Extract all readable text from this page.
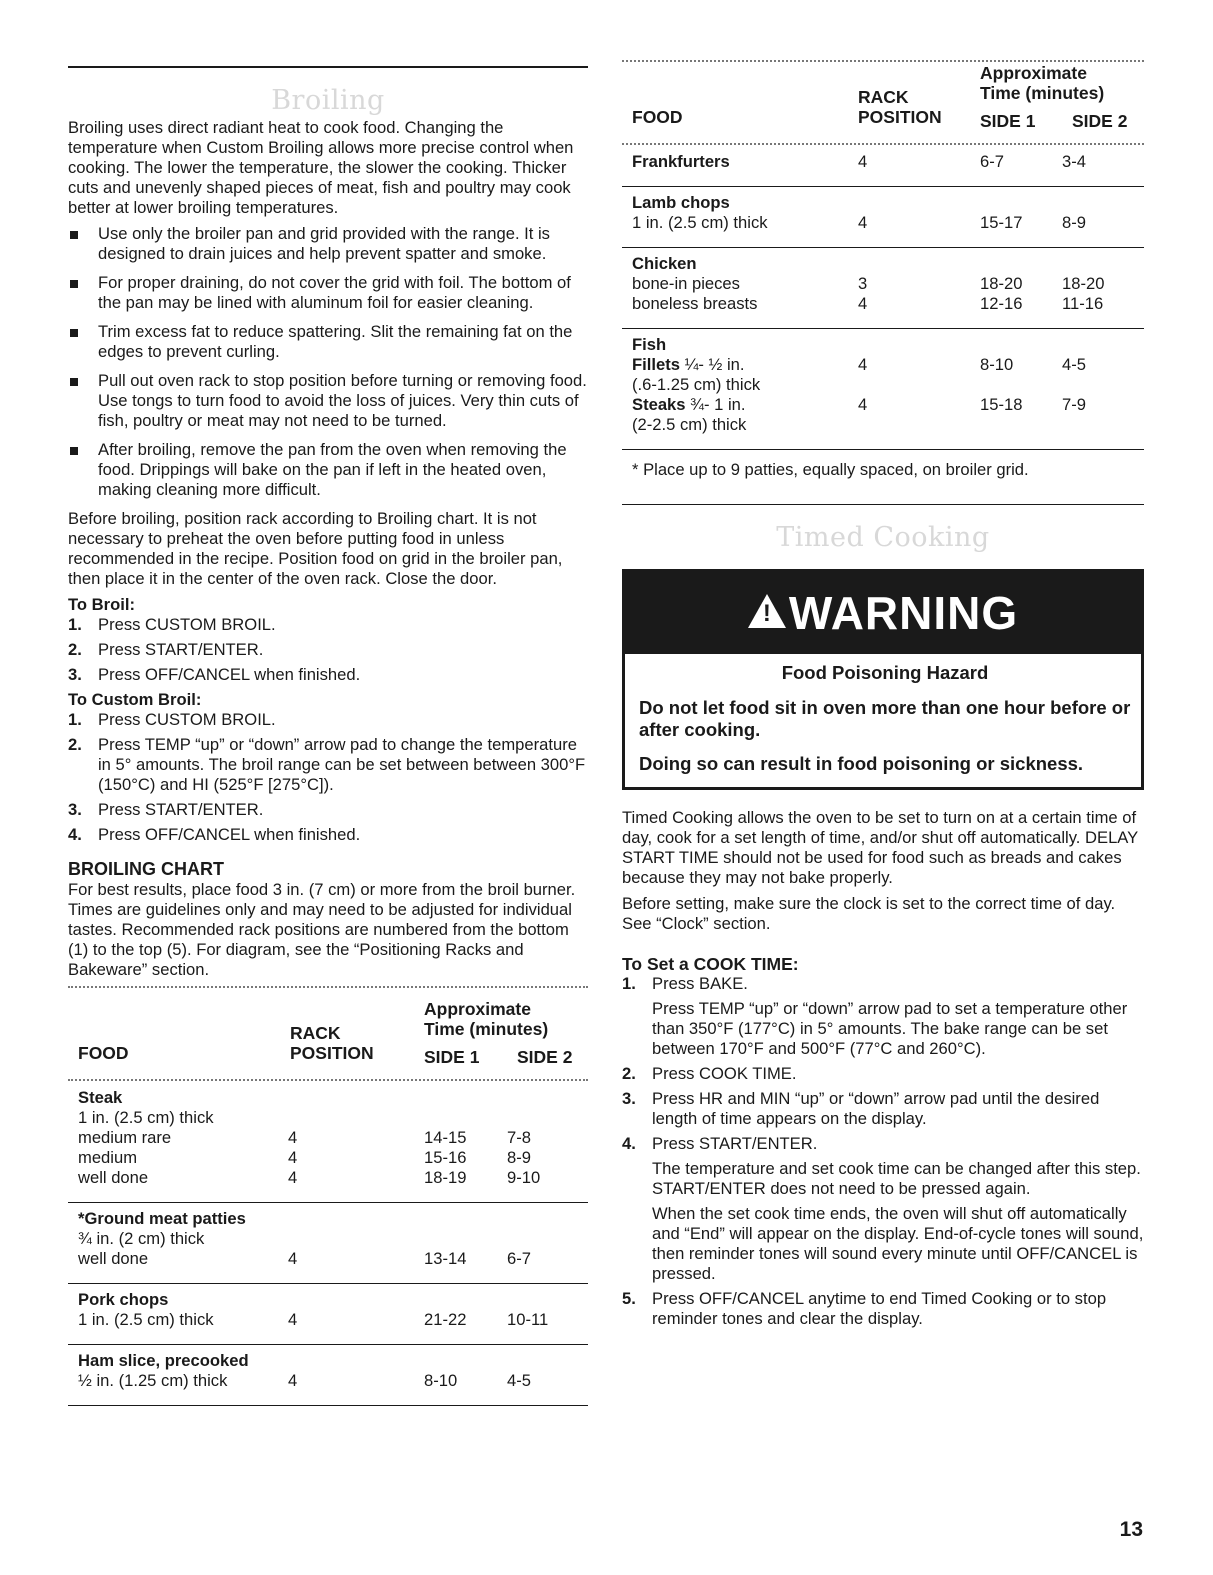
Broiling

Broiling uses direct radiant heat to cook food. Changing the temperature when Custom Broiling allows more precise control when cooking. The lower the temperature, the slower the cooking. Thicker cuts and unevenly shaped pieces of meat, fish and poultry may cook better at lower broiling temperatures.

Use only the broiler pan and grid provided with the range. It is designed to drain juices and help prevent spatter and smoke.
For proper draining, do not cover the grid with foil. The bottom of the pan may be lined with aluminum foil for easier cleaning.
Trim excess fat to reduce spattering. Slit the remaining fat on the edges to prevent curling.
Pull out oven rack to stop position before turning or removing food. Use tongs to turn food to avoid the loss of juices. Very thin cuts of fish, poultry or meat may not need to be turned.
After broiling, remove the pan from the oven when removing the food. Drippings will bake on the pan if left in the heated oven, making cleaning more difficult.

Before broiling, position rack according to Broiling chart. It is not necessary to preheat the oven before putting food in unless recommended in the recipe. Position food on grid in the broiler pan, then place it in the center of the oven rack. Close the door.

To Broil:
1. Press CUSTOM BROIL.
2. Press START/ENTER.
3. Press OFF/CANCEL when finished.
To Custom Broil:
1. Press CUSTOM BROIL.
2. Press TEMP “up” or “down” arrow pad to change the temperature in 5° amounts. The broil range can be set between between 300°F (150°C) and HI (525°F [275°C]).
3. Press START/ENTER.
4. Press OFF/CANCEL when finished.
BROILING CHART

For best results, place food 3 in. (7 cm) or more from the broil burner. Times are guidelines only and may need to be adjusted for individual tastes. Recommended rack positions are numbered from the bottom (1) to the top (5). For diagram, see the “Positioning Racks and Bakeware” section.

FOOD
RACK
POSITION
Approximate
Time (minutes)
SIDE 1 SIDE 2
Steak
1 in. (2.5 cm) thick
medium rare	4	14-15 7-8
medium	4	15-16 8-9
well done	4	18-19 9-10
*Ground meat patties
¾ in. (2 cm) thick
well done	4	13-14 6-7
Pork chops
1 in. (2.5 cm) thick	4	21-22 10-11
Ham slice, precooked
½ in. (1.25 cm) thick	4	8-10	4-5
FOOD
RACK
POSITION
Approximate
Time (minutes)
SIDE 1 SIDE 2
Frankfurters	4	6-7	3-4
Lamb chops
1 in. (2.5 cm) thick	4	15-17 8-9
Chicken
bone-in pieces	3	18-20 18-20
boneless breasts	4	12-16 11-16
Fish
Fillets ¼- ½ in.	4	8-10	4-5
(.6-1.25 cm) thick
Steaks ¾- 1 in.	4	15-18 7-9
(2-2.5 cm) thick
* Place up to 9 patties, equally spaced, on broiler grid.
Timed Cooking
!
WARNING
Food Poisoning Hazard
Do not let food sit in oven more than one hour before or after cooking.
Doing so can result in food poisoning or sickness.

Timed Cooking allows the oven to be set to turn on at a certain time of day, cook for a set length of time, and/or shut off automatically. DELAY START TIME should not be used for food such as breads and cakes because they may not bake properly.

Before setting, make sure the clock is set to the correct time of day. See “Clock” section.

To Set a COOK TIME:
1. Press BAKE.
Press TEMP “up” or “down” arrow pad to set a temperature other than 350°F (177°C) in 5° amounts. The bake range can be set between 170°F and 500°F (77°C and 260°C).
2. Press COOK TIME.
3. Press HR and MIN “up” or “down” arrow pad until the desired length of time appears on the display.
4. Press START/ENTER.
The temperature and set cook time can be changed after this step. START/ENTER does not need to be pressed again.
When the set cook time ends, the oven will shut off automatically and “End” will appear on the display. End-of-cycle tones will sound, then reminder tones will sound every minute until OFF/CANCEL is pressed.
5. Press OFF/CANCEL anytime to end Timed Cooking or to stop reminder tones and clear the display.
13
